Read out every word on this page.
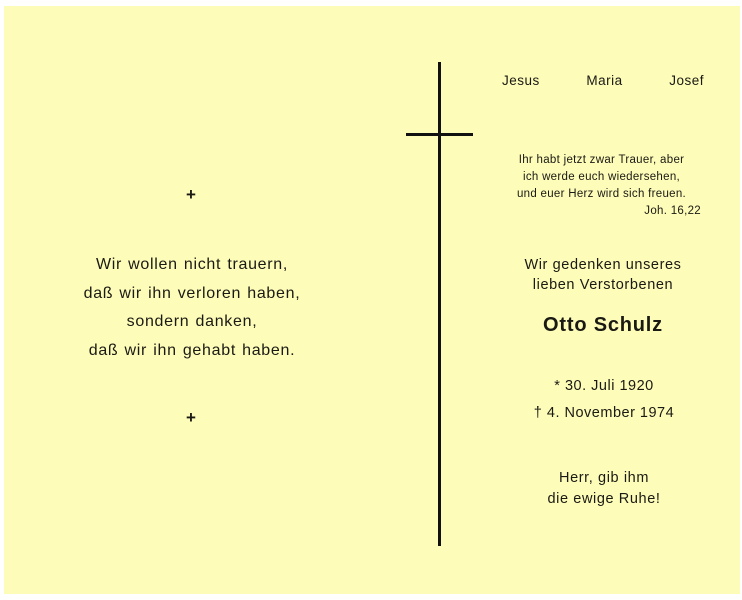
+
Wir wollen nicht trauern,
daß wir ihn verloren haben,
sondern danken,
daß wir ihn gehabt haben.
+
Jesus	Maria	Josef
Ihr habt jetzt zwar Trauer, aber
ich werde euch wiedersehen,
und euer Herz wird sich freuen.
Joh. 16,22
Wir gedenken unseres
lieben Verstorbenen
Otto Schulz
* 30. Juli 1920
† 4. November 1974
Herr, gib ihm
die ewige Ruhe!
